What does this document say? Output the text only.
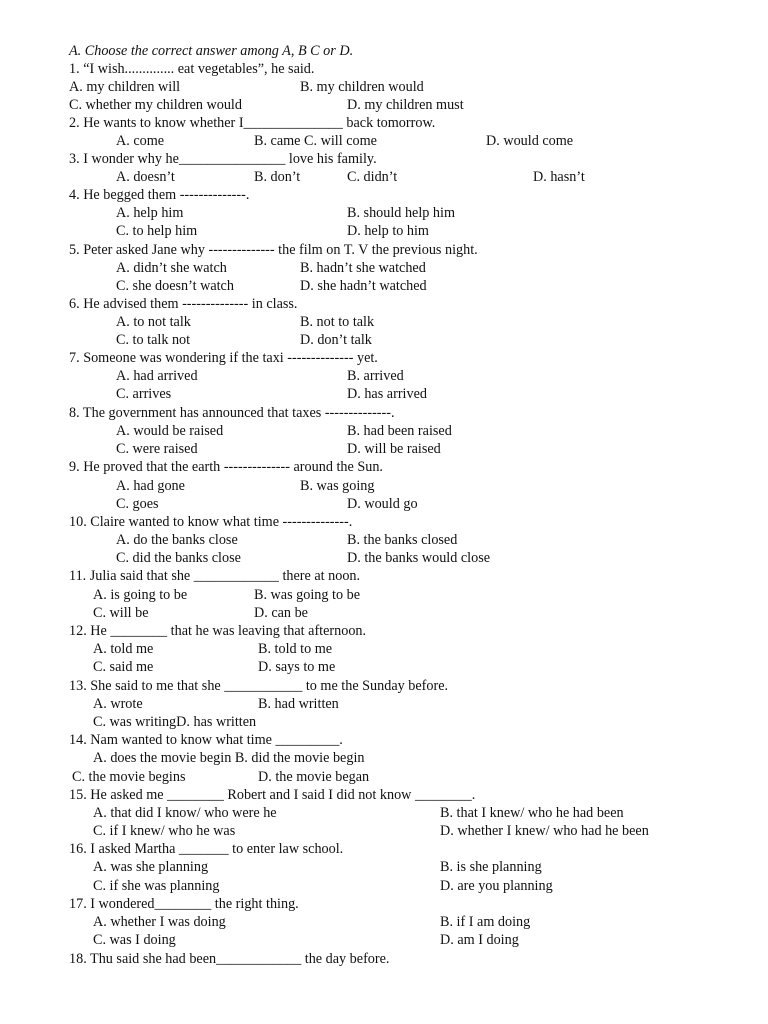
A. Choose the correct answer among A, B C or D.
1. “I wish.............. eat vegetables”, he said.
A. my children will	B. my children would
C. whether my children would	D. my children must
2. He wants to know whether I______________ back tomorrow.
A. come	B. came C. will come	D. would come
3. I wonder why he_______________ love his family.
A. doesn’t	B. don’t	C. didn’t	D. hasn’t
4. He begged them --------------.
A. help him	B. should help him
C. to help him	D. help to him
5. Peter asked Jane why -------------- the film on T. V the previous night.
A. didn’t she watch	B. hadn’t she watched
C. she doesn’t watch	D. she hadn’t watched
6. He advised them -------------- in class.
A. to not talk	B. not to talk
C. to talk not	D. don’t talk
7. Someone was wondering if the taxi -------------- yet.
A. had arrived	B. arrived
C. arrives	D. has arrived
8. The government has announced that taxes --------------.
A. would be raised	B. had been raised
C. were raised	D. will be raised
9. He proved that the earth -------------- around the Sun.
A. had gone	B. was going
C. goes	D. would go
10. Claire wanted to know what time --------------.
A. do the banks close	B. the banks closed
C. did the banks close	D. the banks would close
11. Julia said that she ____________ there at noon.
A. is going to be	B. was going to be
C. will be	D. can be
12. He ________ that he was leaving that afternoon.
A. told me	B. told to me
C. said me	D. says to me
13. She said to me that she ___________ to me the Sunday before.
A. wrote	B. had written
C. was writingD. has written
14. Nam wanted to know what time _________.
A. does the movie begin B. did the movie begin
C. the movie begins	D. the movie began
15. He asked me ________ Robert and I said I did not know ________.
A. that did I know/ who were he	B. that I knew/ who he had been
C. if I knew/ who he was	D. whether I knew/ who had he been
16. I asked Martha _______ to enter law school.
A. was she planning	B. is she planning
C. if she was planning	D. are you planning
17. I wondered________ the right thing.
A. whether I was doing	B. if I am doing
C. was I doing	D. am I doing
18. Thu said she had been____________ the day before.
